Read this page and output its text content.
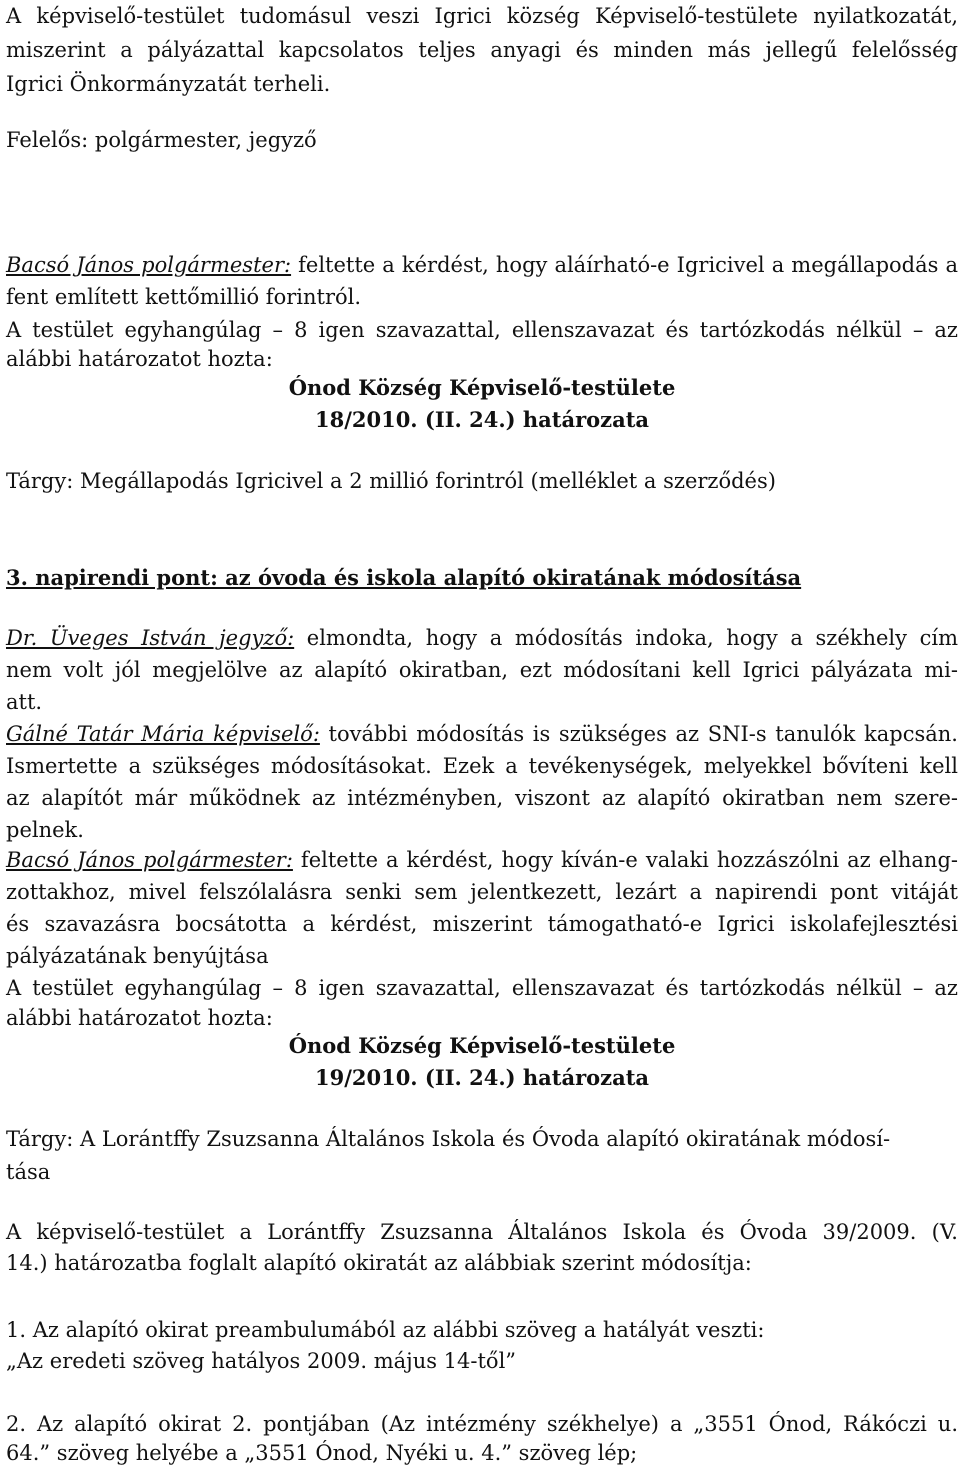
A képviselő-testület tudomásul veszi Igrici község Képviselő-testülete nyilatkozatát,
miszerint a pályázattal kapcsolatos teljes anyagi és minden más jellegű felelősség
Igrici Önkormányzatát terheli.
Felelős: polgármester, jegyző
Bacsó János polgármester: feltette a kérdést, hogy aláírható-e Igricivel a megállapodás a
fent említett kettőmillió forintról.
A testület egyhangúlag – 8 igen szavazattal, ellenszavazat és tartózkodás nélkül – az
alábbi határozatot hozta:
Ónod Község Képviselő-testülete
18/2010. (II. 24.) határozata
Tárgy: Megállapodás Igricivel a 2 millió forintról (melléklet a szerződés)
3. napirendi pont: az óvoda és iskola alapító okiratának módosítása
Dr. Üveges István jegyző: elmondta, hogy a módosítás indoka, hogy a székhely cím
nem volt jól megjelölve az alapító okiratban, ezt módosítani kell Igrici pályázata mi-
att.
Gálné Tatár Mária képviselő: további módosítás is szükséges az SNI-s tanulók kapcsán.
Ismertette a szükséges módosításokat. Ezek a tevékenységek, melyekkel bővíteni kell
az alapítót már működnek az intézményben, viszont az alapító okiratban nem szere-
pelnek.
Bacsó János polgármester: feltette a kérdést, hogy kíván-e valaki hozzászólni az elhang-
zottakhoz, mivel felszólalásra senki sem jelentkezett, lezárt a napirendi pont vitáját
és szavazásra bocsátotta a kérdést, miszerint támogatható-e Igrici iskolafejlesztési
pályázatának benyújtása
A testület egyhangúlag – 8 igen szavazattal, ellenszavazat és tartózkodás nélkül – az
alábbi határozatot hozta:
Ónod Község Képviselő-testülete
19/2010. (II. 24.) határozata
Tárgy: A Lorántffy Zsuzsanna Általános Iskola és Óvoda alapító okiratának módosí-
tása
A képviselő-testület a Lorántffy Zsuzsanna Általános Iskola és Óvoda 39/2009. (V.
14.) határozatba foglalt alapító okiratát az alábbiak szerint módosítja:
1. Az alapító okirat preambulumából az alábbi szöveg a hatályát veszti:
„Az eredeti szöveg hatályos 2009. május 14-től”
2. Az alapító okirat 2. pontjában (Az intézmény székhelye) a „3551 Ónod, Rákóczi u.
64.” szöveg helyébe a „3551 Ónod, Nyéki u. 4.” szöveg lép;
